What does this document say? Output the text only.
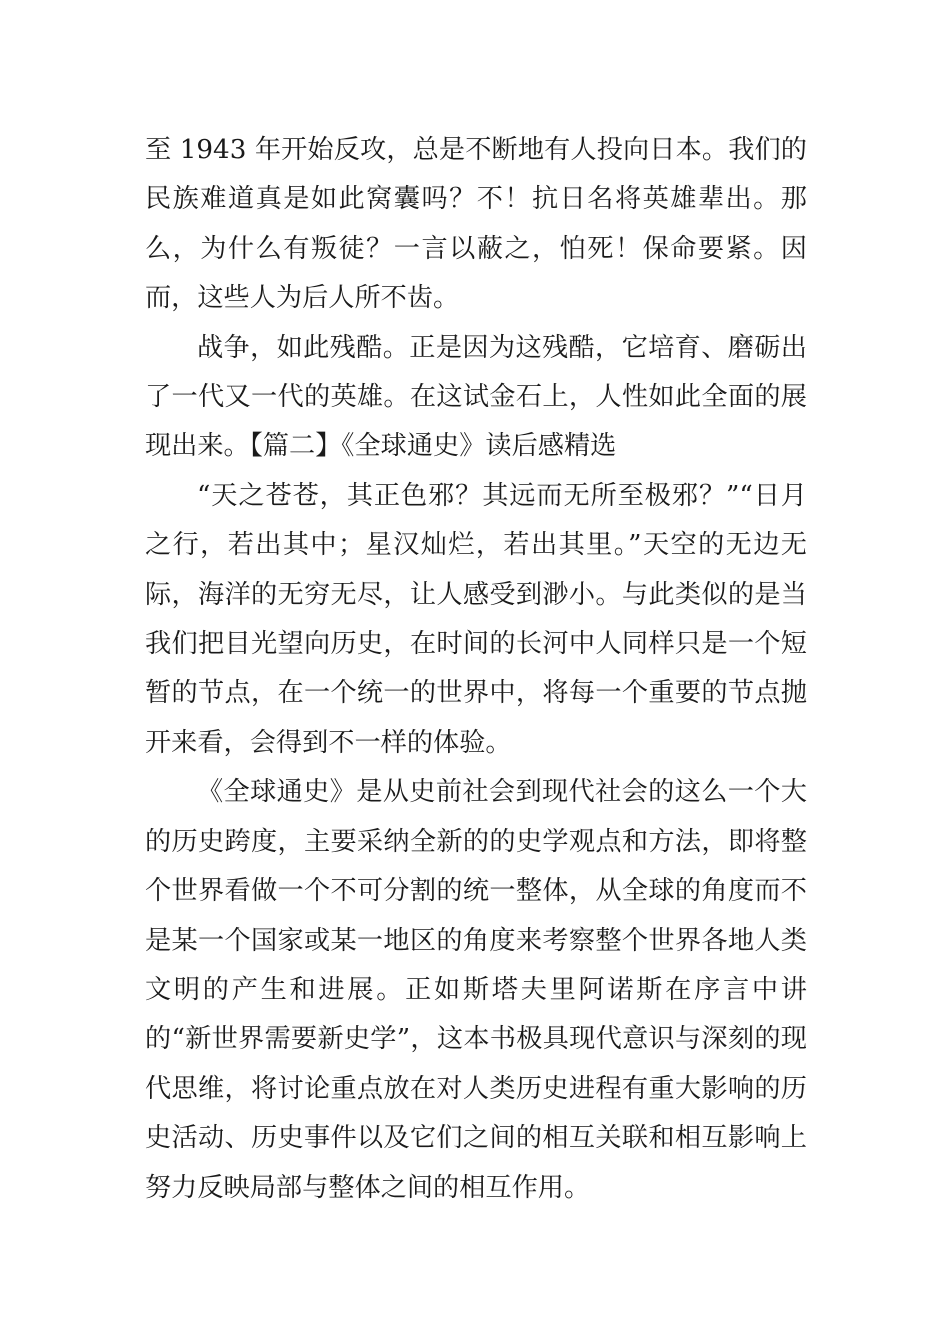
至 1943 年开始反攻，总是不断地有人投向日本。我们的民族难道真是如此窝囊吗？不！抗日名将英雄辈出。那么，为什么有叛徒？一言以蔽之，怕死！保命要紧。因而，这些人为后人所不齿。

战争，如此残酷。正是因为这残酷，它培育、磨砺出了一代又一代的英雄。在这试金石上，人性如此全面的展现出来。【篇二】《全球通史》读后感精选

“天之苍苍，其正色邪？其远而无所至极邪？”“日月之行，若出其中；星汉灿烂，若出其里。”天空的无边无际，海洋的无穷无尽，让人感受到渺小。与此类似的是当我们把目光望向历史，在时间的长河中人同样只是一个短暂的节点，在一个统一的世界中，将每一个重要的节点抛开来看，会得到不一样的体验。

《全球通史》是从史前社会到现代社会的这么一个大的历史跨度，主要采纳全新的的史学观点和方法，即将整个世界看做一个不可分割的统一整体，从全球的角度而不是某一个国家或某一地区的角度来考察整个世界各地人类文明的产生和进展。正如斯塔夫里阿诺斯在序言中讲的“新世界需要新史学”，这本书极具现代意识与深刻的现代思维，将讨论重点放在对人类历史进程有重大影响的历史活动、历史事件以及它们之间的相互关联和相互影响上努力反映局部与整体之间的相互作用。
